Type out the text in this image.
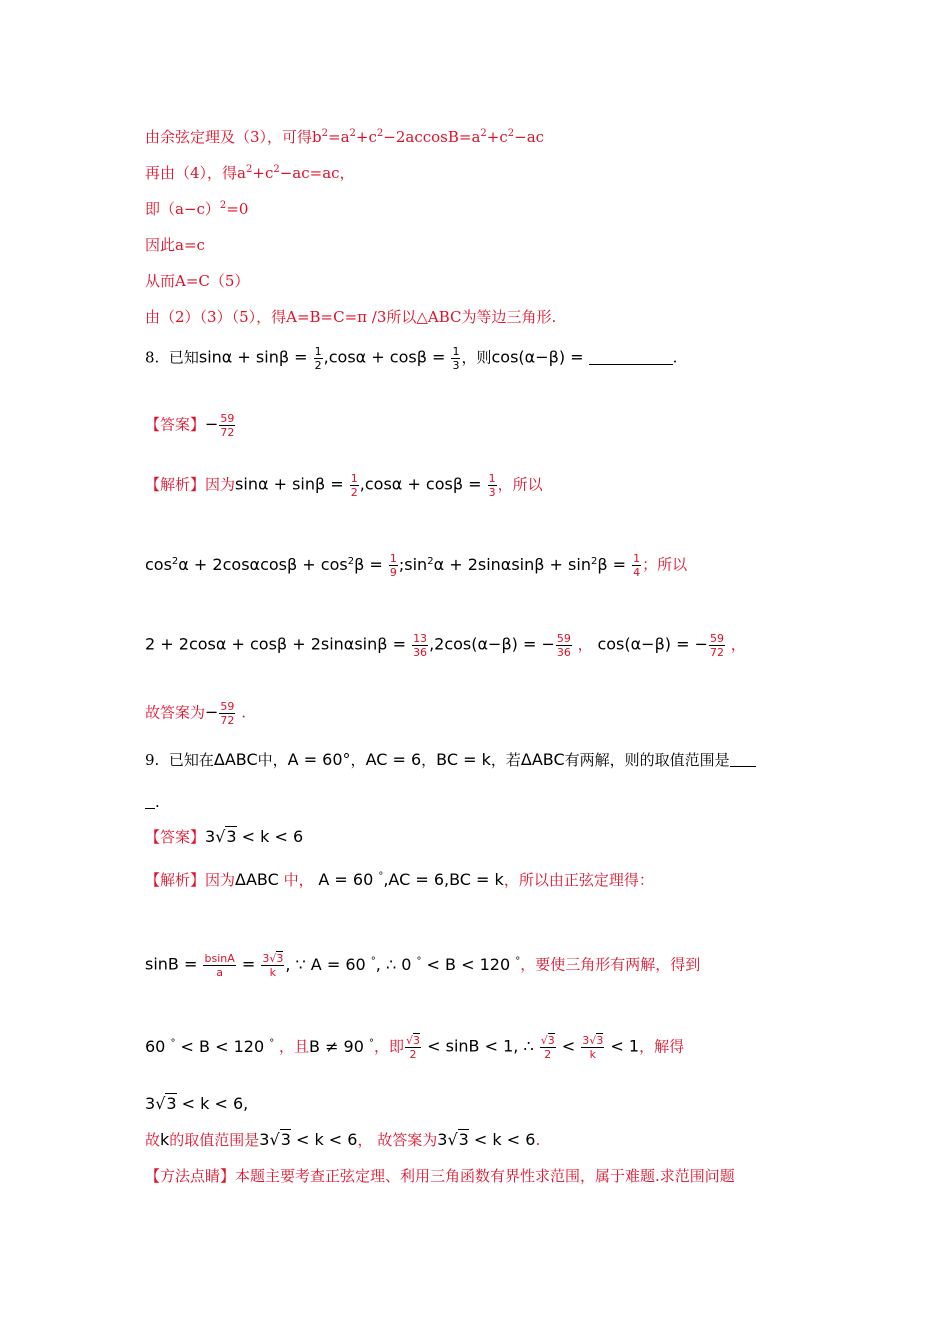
由余弦定理及（3），可得$b^2=a^2+c^2-2accosB=a^2+c^2-ac$
再由（4），得$a^2+c^2-ac=ac$，
即$(a-c)^2=0$
因此a=c
从而A=C（5）
由（2）（3）（5），得A=B=C=π /3所以△ABC为等边三角形.
8. 已知$\sin\alpha + \sin\beta = \frac{1}{2} ,\cos\alpha + \cos\beta = \frac{1}{3}$ ，则cos(α−β) =	.
【答案】− $\frac{59}{72}$
【解析】因为$\sin\alpha + \sin\beta = \frac{1}{2} ,\cos\alpha + \cos\beta = \frac{1}{3}$ ，所以
$\cos^2\alpha + 2\cos\alpha\cos\beta + \cos^2\beta = \frac{1}{9}$ $;\sin^2\alpha + 2\sin\alpha\sin\beta + \sin^2\beta = \frac{1}{4}$ ；所以
$2 + 2\cos\alpha + \cos\beta + 2\sin\alpha\sin\beta = \frac{13}{36} ,2\cos(\alpha-\beta)$ = − $\frac{59}{36}$ ， cos(α−β) = − $\frac{59}{72}$ ，
故答案为− $\frac{59}{72}$ .
9. 已知在ΔABC中，A = 60°，AC = 6，BC = k，若ΔABC有两解，则的取值范围是
.
【答案】3√3 < k < 6
【解析】因为ΔABC 中， A = 60 °,AC = 6,BC = k，所以由正弦定理得：
$\sin B = \frac{bsinA}{a} = \frac{3√3}{k}$ , ∵ A = 60 °, ∴ 0 ° < B < 120 °，要使三角形有两解，得到
60 ° < B < 120 ° ，且B ≠ 90 °，即 $\frac{√3}{2} < \sin B < 1$, ∴ $\frac{√3}{2} < \frac{3√3}{k} < 1$，解得
3√3 < k < 6,
故k的取值范围是3√3 < k < 6， 故答案为3√3 < k < 6.
【方法点睛】本题主要考查正弦定理、利用三角函数有界性求范围，属于难题.求范围问题
